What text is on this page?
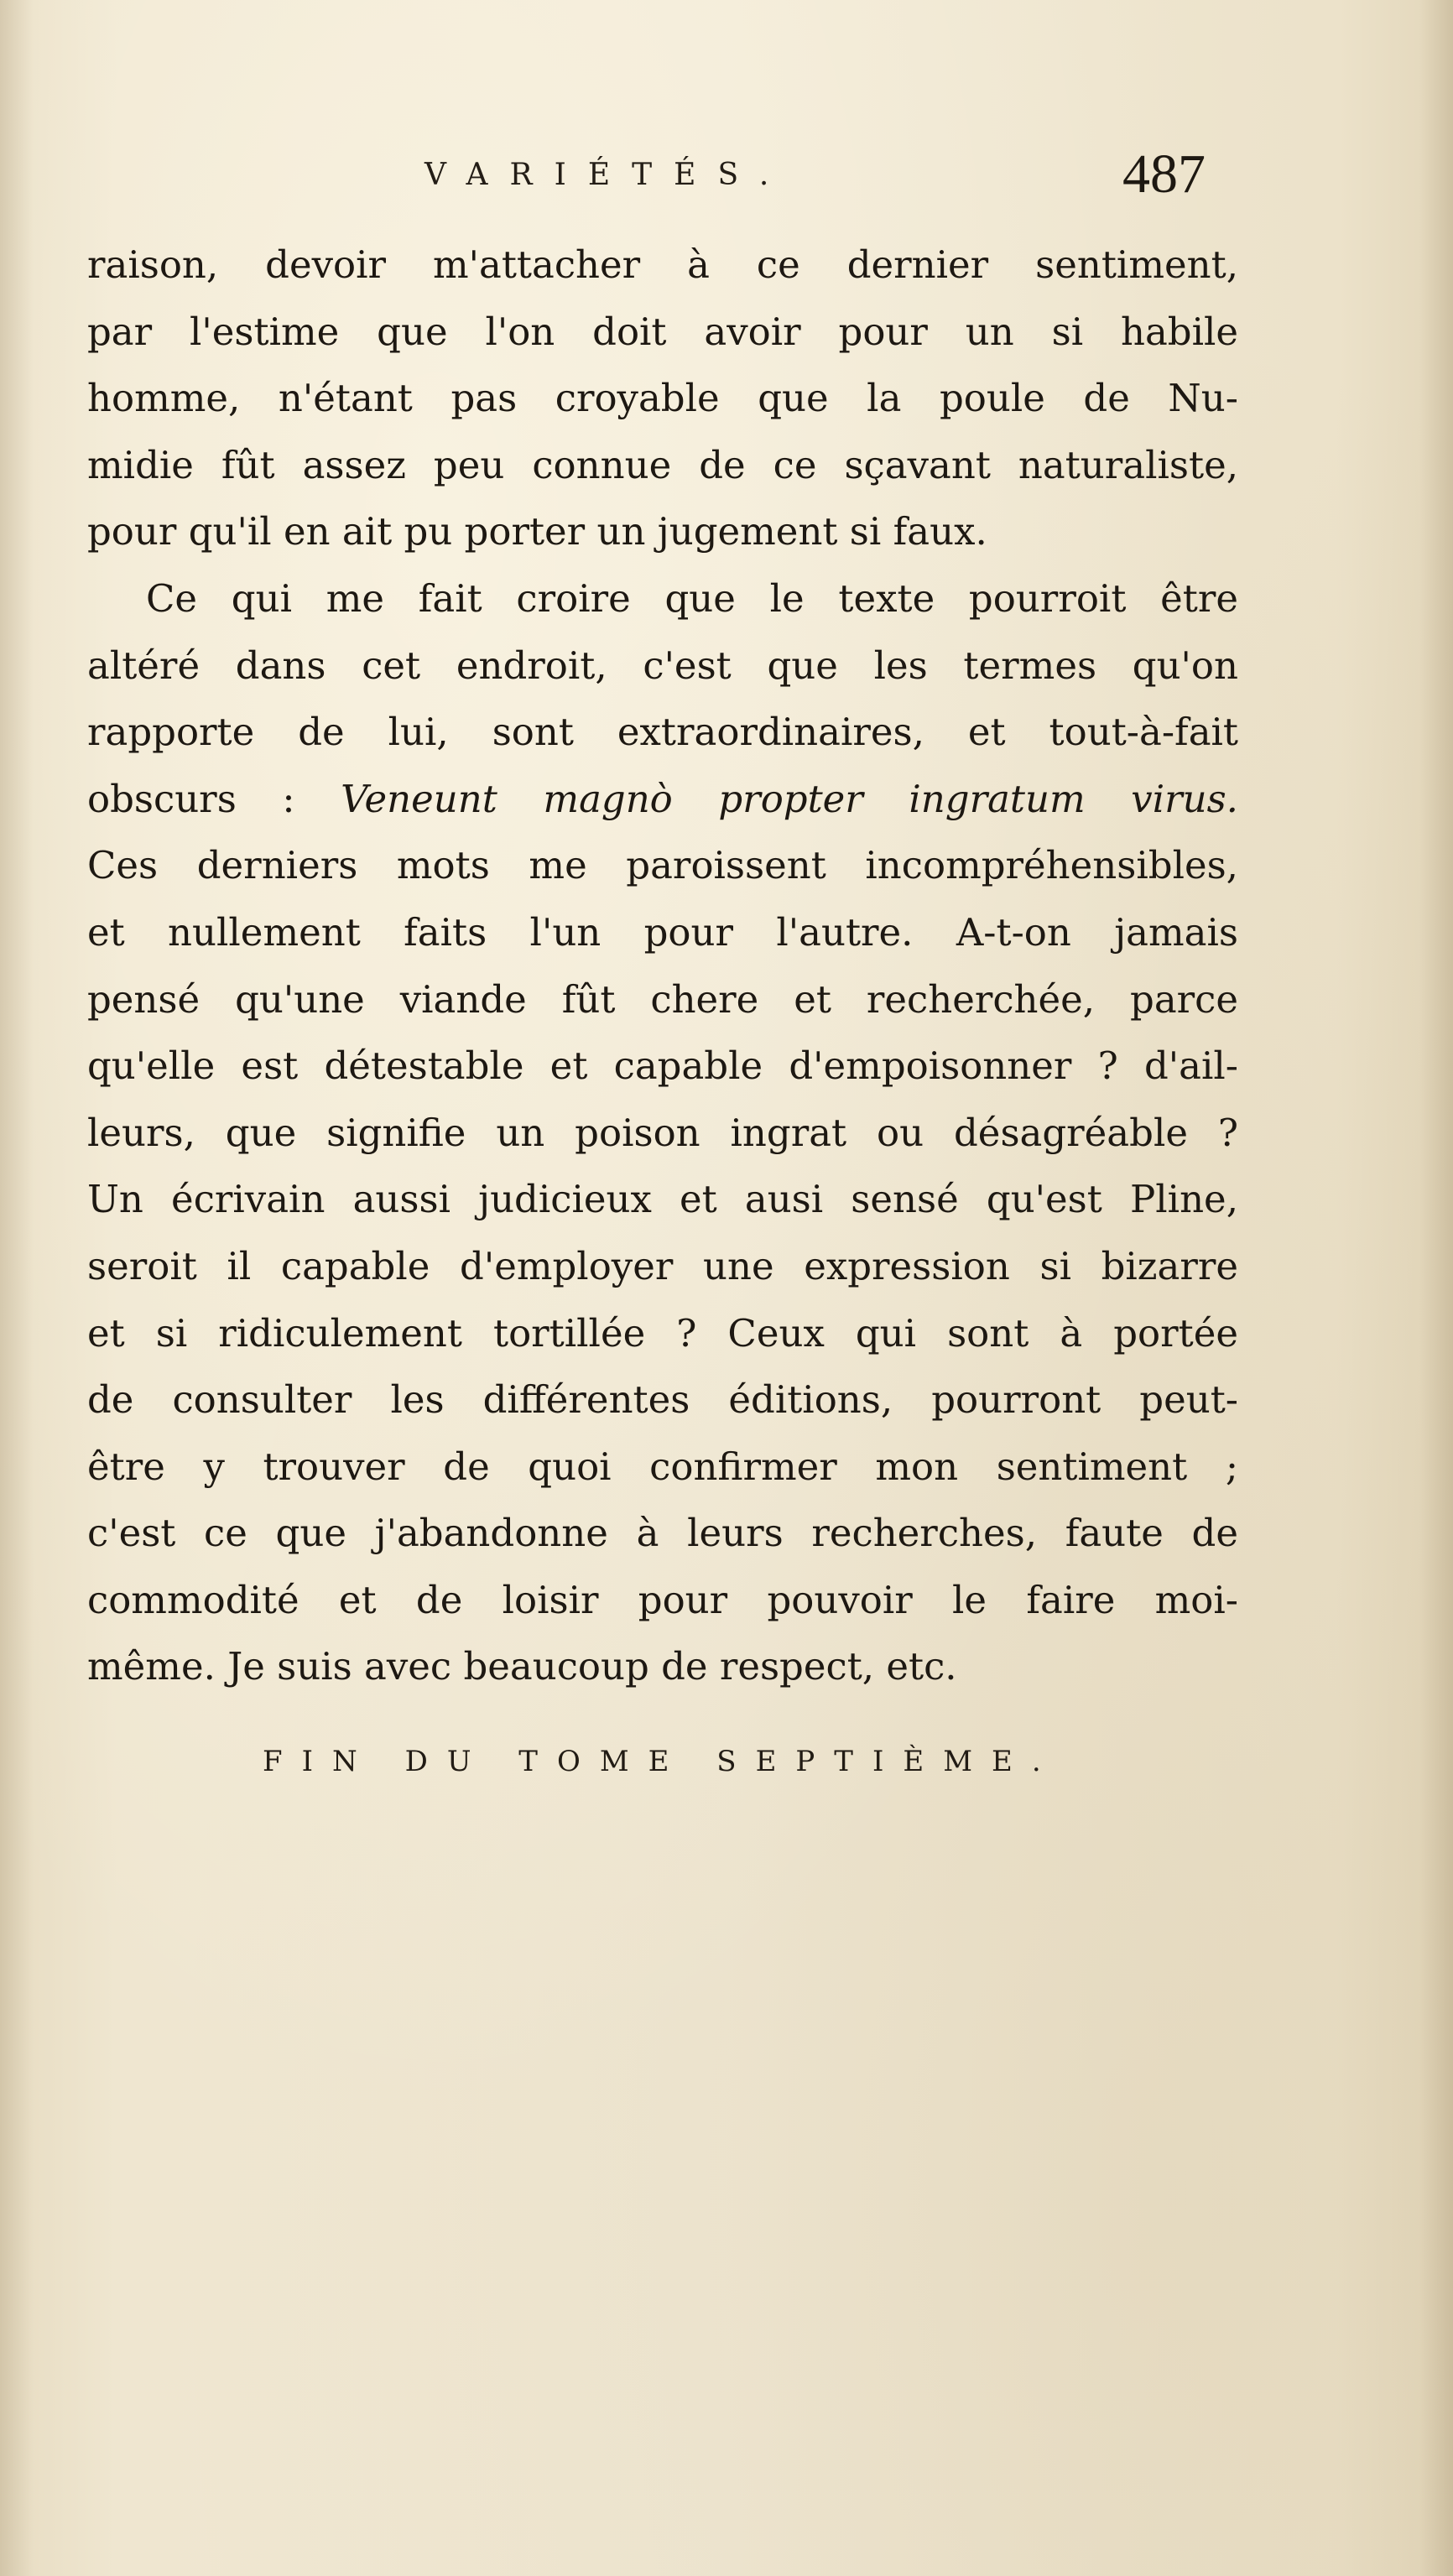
VARIÉTÉS.	487
raison, devoir m'attacher à ce dernier sentiment,
par l'estime que l'on doit avoir pour un si habile
homme, n'étant pas croyable que la poule de Nu-
midie fût assez peu connue de ce sçavant naturaliste,
pour qu'il en ait pu porter un jugement si faux.
Ce qui me fait croire que le texte pourroit être
altéré dans cet endroit, c'est que les termes qu'on
rapporte de lui, sont extraordinaires, et tout-à-fait
obscurs : Veneunt magnò propter ingratum virus.
Ces derniers mots me paroissent incompréhensibles,
et nullement faits l'un pour l'autre. A-t-on jamais
pensé qu'une viande fût chere et recherchée, parce
qu'elle est détestable et capable d'empoisonner ? d'ail-
leurs, que signifie un poison ingrat ou désagréable ?
Un écrivain aussi judicieux et ausi sensé qu'est Pline,
seroit il capable d'employer une expression si bizarre
et si ridiculement tortillée ? Ceux qui sont à portée
de consulter les différentes éditions, pourront peut-
être y trouver de quoi confirmer mon sentiment ;
c'est ce que j'abandonne à leurs recherches, faute de
commodité et de loisir pour pouvoir le faire moi-
même. Je suis avec beaucoup de respect, etc.
FIN DU TOME SEPTIÈME.
